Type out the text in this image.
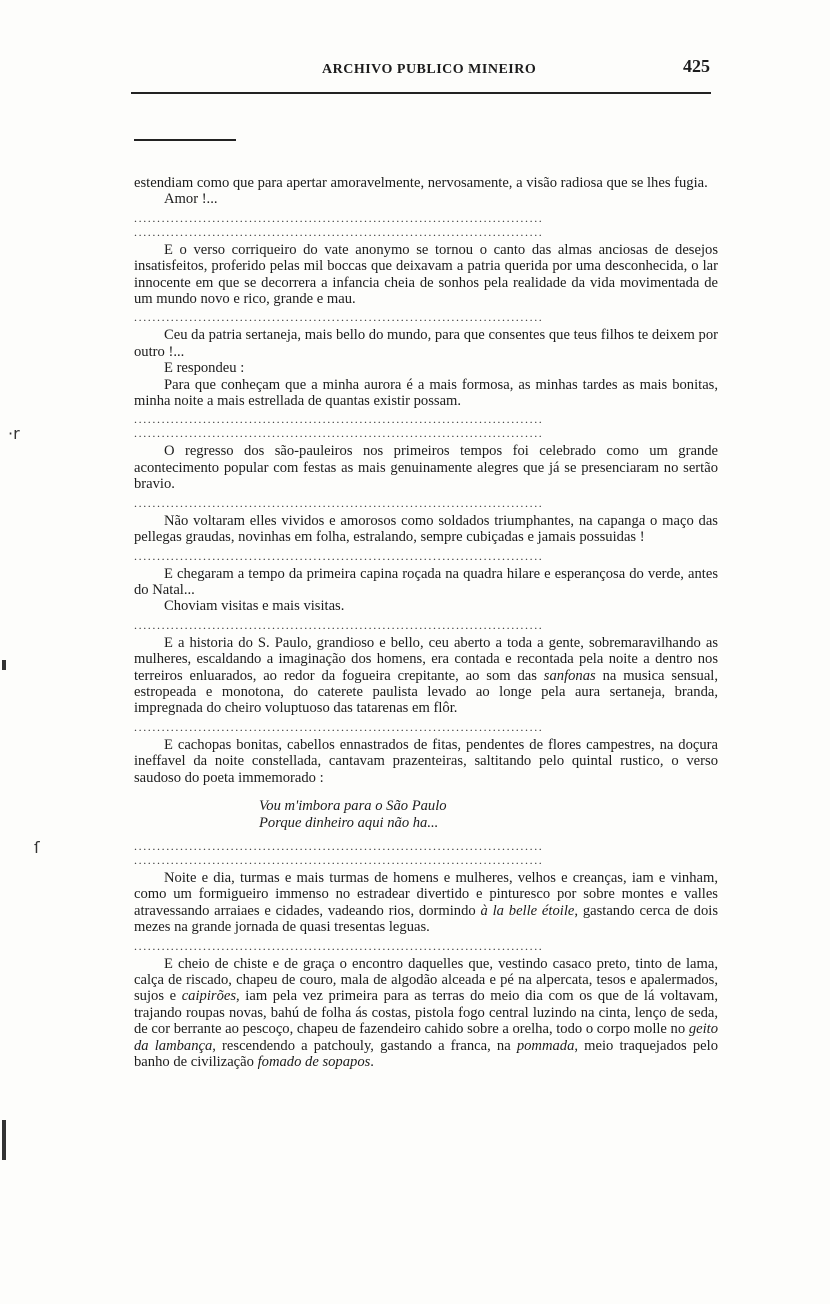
ARCHIVO PUBLICO MINEIRO	425
·r
ſ

estendiam como que para apertar amoravelmente, nervosamente, a visão radiosa que se lhes fugia.

Amor !...

.........................................................................................
.........................................................................................

E o verso corriqueiro do vate anonymo se tornou o canto das almas anciosas de desejos insatisfeitos, proferido pelas mil boccas que deixavam a patria querida por uma desconhecida, o lar innocente em que se decorrera a infancia cheia de sonhos pela realidade da vida movimentada de um mundo novo e rico, grande e mau.

.........................................................................................

Ceu da patria sertaneja, mais bello do mundo, para que consentes que teus filhos te deixem por outro !...

E respondeu :

Para que conheçam que a minha aurora é a mais formosa, as minhas tardes as mais bonitas, minha noite a mais estrellada de quantas existir possam.

.........................................................................................
.........................................................................................

O regresso dos são-pauleiros nos primeiros tempos foi celebrado como um grande acontecimento popular com festas as mais genuinamente alegres que já se presenciaram no sertão bravio.

.........................................................................................

Não voltaram elles vividos e amorosos como soldados triumphantes, na capanga o maço das pellegas graudas, novinhas em folha, estralando, sempre cubiçadas e jamais possuidas !

.........................................................................................

E chegaram a tempo da primeira capina roçada na quadra hilare e esperançosa do verde, antes do Natal...

Choviam visitas e mais visitas.

.........................................................................................

E a historia do S. Paulo, grandioso e bello, ceu aberto a toda a gente, sobremaravilhando as mulheres, escaldando a imaginação dos homens, era contada e recontada pela noite a dentro nos terreiros enluarados, ao redor da fogueira crepitante, ao som das sanfonas na musica sensual, estropeada e monotona, do caterete paulista levado ao longe pela aura sertaneja, branda, impregnada do cheiro voluptuoso das tatarenas em flôr.

.........................................................................................

E cachopas bonitas, cabellos ennastrados de fitas, pendentes de flores campestres, na doçura ineffavel da noite constellada, cantavam prazenteiras, saltitando pelo quintal rustico, o verso saudoso do poeta immemorado :

Vou m'imbora para o São Paulo
Porque dinheiro aqui não ha...
.........................................................................................
.........................................................................................

Noite e dia, turmas e mais turmas de homens e mulheres, velhos e creanças, iam e vinham, como um formigueiro immenso no estradear divertido e pinturesco por sobre montes e valles atravessando arraiaes e cidades, vadeando rios, dormindo à la belle étoile, gastando cerca de dois mezes na grande jornada de quasi tresentas leguas.

.........................................................................................

E cheio de chiste e de graça o encontro daquelles que, vestindo casaco preto, tinto de lama, calça de riscado, chapeu de couro, mala de algodão alceada e pé na alpercata, tesos e apalermados, sujos e caipirões, iam pela vez primeira para as terras do meio dia com os que de lá voltavam, trajando roupas novas, bahú de folha ás costas, pistola fogo central luzindo na cinta, lenço de seda, de cor berrante ao pescoço, chapeu de fazendeiro cahido sobre a orelha, todo o corpo molle no geito da lambança, rescendendo a patchouly, gastando a franca, na pommada, meio traquejados pelo banho de civilização fomado de sopapos.
